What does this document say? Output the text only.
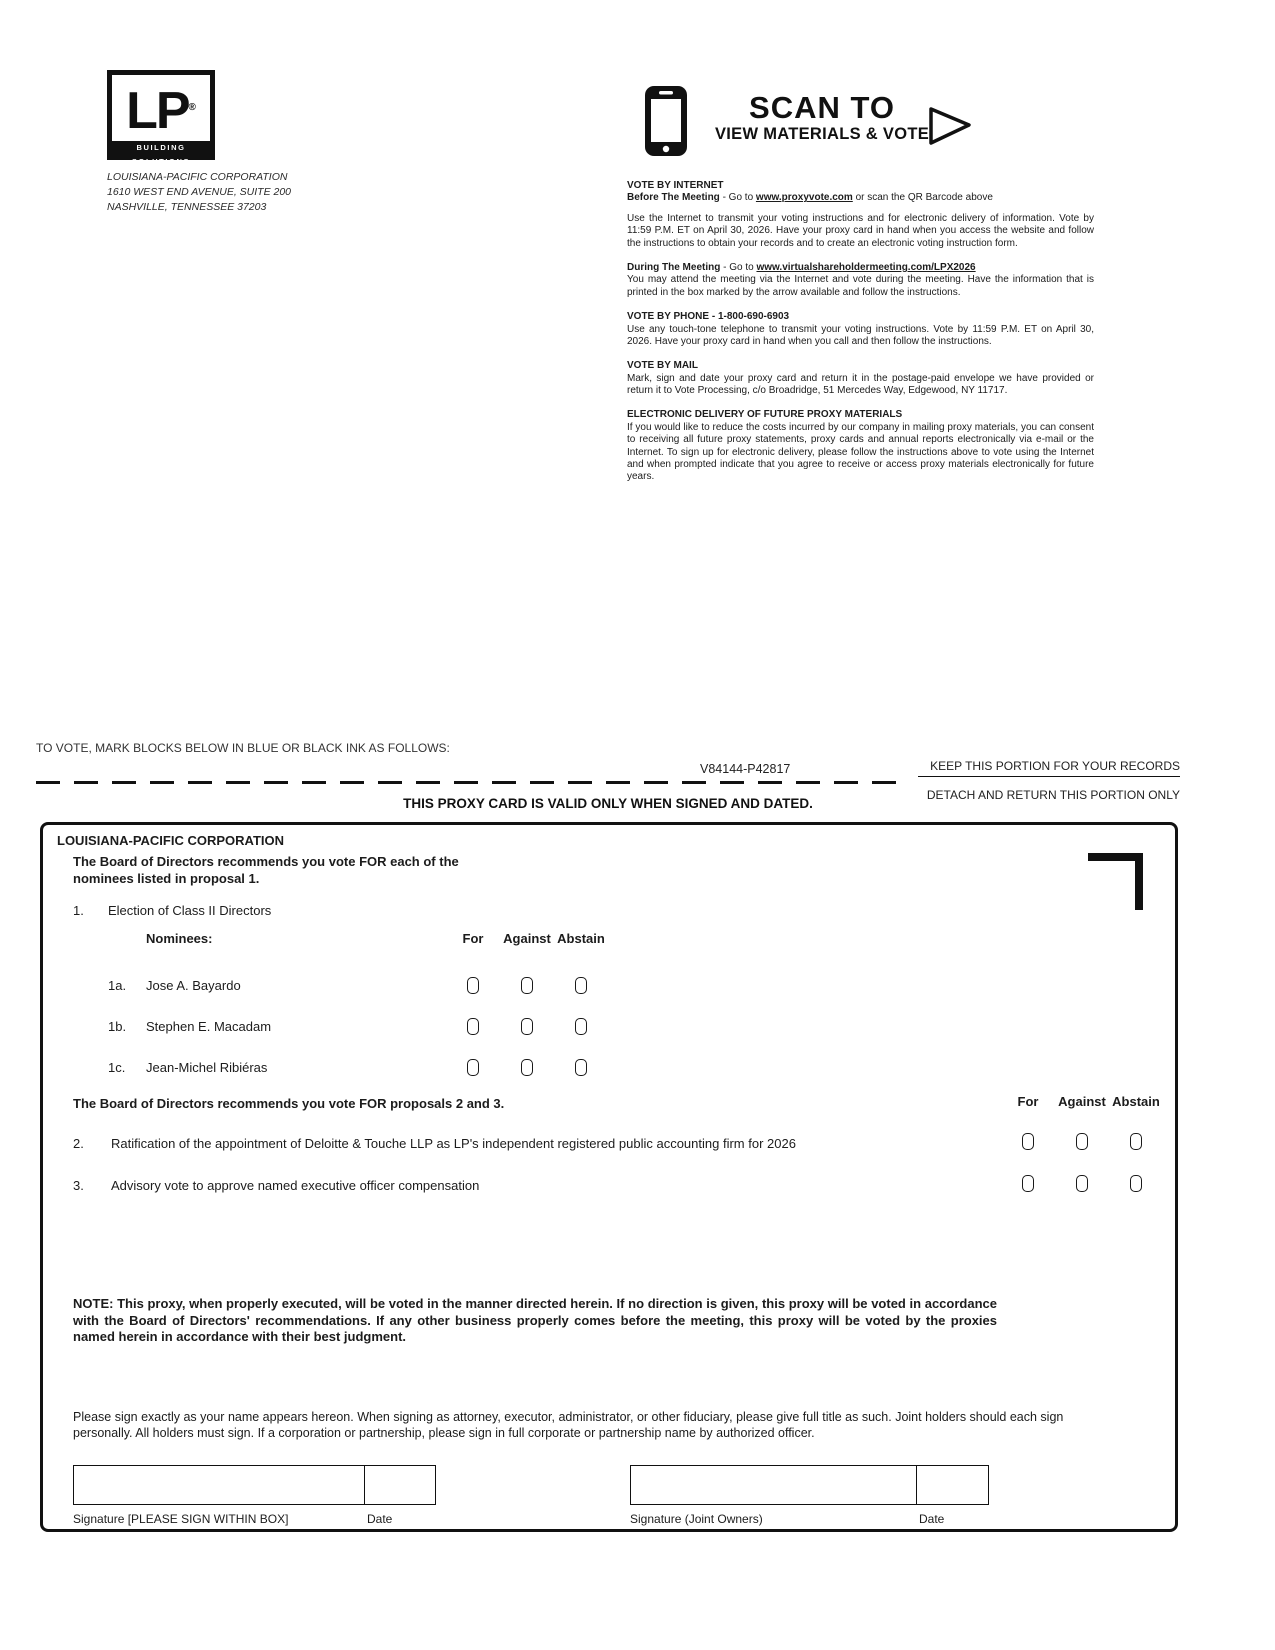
LP®
BUILDING SOLUTIONS
LOUISIANA-PACIFIC CORPORATION
1610 WEST END AVENUE, SUITE 200
NASHVILLE, TENNESSEE 37203
SCAN TO
VIEW MATERIALS & VOTE
VOTE BY INTERNET
Before The Meeting - Go to www.proxyvote.com or scan the QR Barcode above
Use the Internet to transmit your voting instructions and for electronic delivery of information. Vote by 11:59 P.M. ET on April 30, 2026. Have your proxy card in hand when you access the website and follow the instructions to obtain your records and to create an electronic voting instruction form.
During The Meeting - Go to www.virtualshareholdermeeting.com/LPX2026
You may attend the meeting via the Internet and vote during the meeting. Have the information that is printed in the box marked by the arrow available and follow the instructions.
VOTE BY PHONE - 1-800-690-6903
Use any touch-tone telephone to transmit your voting instructions. Vote by 11:59 P.M. ET on April 30, 2026. Have your proxy card in hand when you call and then follow the instructions.
VOTE BY MAIL
Mark, sign and date your proxy card and return it in the postage-paid envelope we have provided or return it to Vote Processing, c/o Broadridge, 51 Mercedes Way, Edgewood, NY 11717.
ELECTRONIC DELIVERY OF FUTURE PROXY MATERIALS
If you would like to reduce the costs incurred by our company in mailing proxy materials, you can consent to receiving all future proxy statements, proxy cards and annual reports electronically via e-mail or the Internet. To sign up for electronic delivery, please follow the instructions above to vote using the Internet and when prompted indicate that you agree to receive or access proxy materials electronically for future years.
TO VOTE, MARK BLOCKS BELOW IN BLUE OR BLACK INK AS FOLLOWS:
V84144-P42817	KEEP THIS PORTION FOR YOUR RECORDS
DETACH AND RETURN THIS PORTION ONLY
THIS PROXY CARD IS VALID ONLY WHEN SIGNED AND DATED.
LOUISIANA-PACIFIC CORPORATION
The Board of Directors recommends you vote FOR each of the nominees listed in proposal 1.
1. Election of Class II Directors
Nominees:	For	Against Abstain
1a.	Jose A. Bayardo
1b.	Stephen E. Macadam
1c.	Jean-Michel Ribiéras
The Board of Directors recommends you vote FOR proposals 2 and 3.	For	Against Abstain
2. Ratification of the appointment of Deloitte & Touche LLP as LP's independent registered public accounting firm for 2026
3. Advisory vote to approve named executive officer compensation
NOTE: This proxy, when properly executed, will be voted in the manner directed herein. If no direction is given, this proxy will be voted in accordance with the Board of Directors' recommendations. If any other business properly comes before the meeting, this proxy will be voted by the proxies named herein in accordance with their best judgment.
Please sign exactly as your name appears hereon. When signing as attorney, executor, administrator, or other fiduciary, please give full title as such. Joint holders should each sign personally. All holders must sign. If a corporation or partnership, please sign in full corporate or partnership name by authorized officer.
Signature [PLEASE SIGN WITHIN BOX]	Date	Signature (Joint Owners)	Date
